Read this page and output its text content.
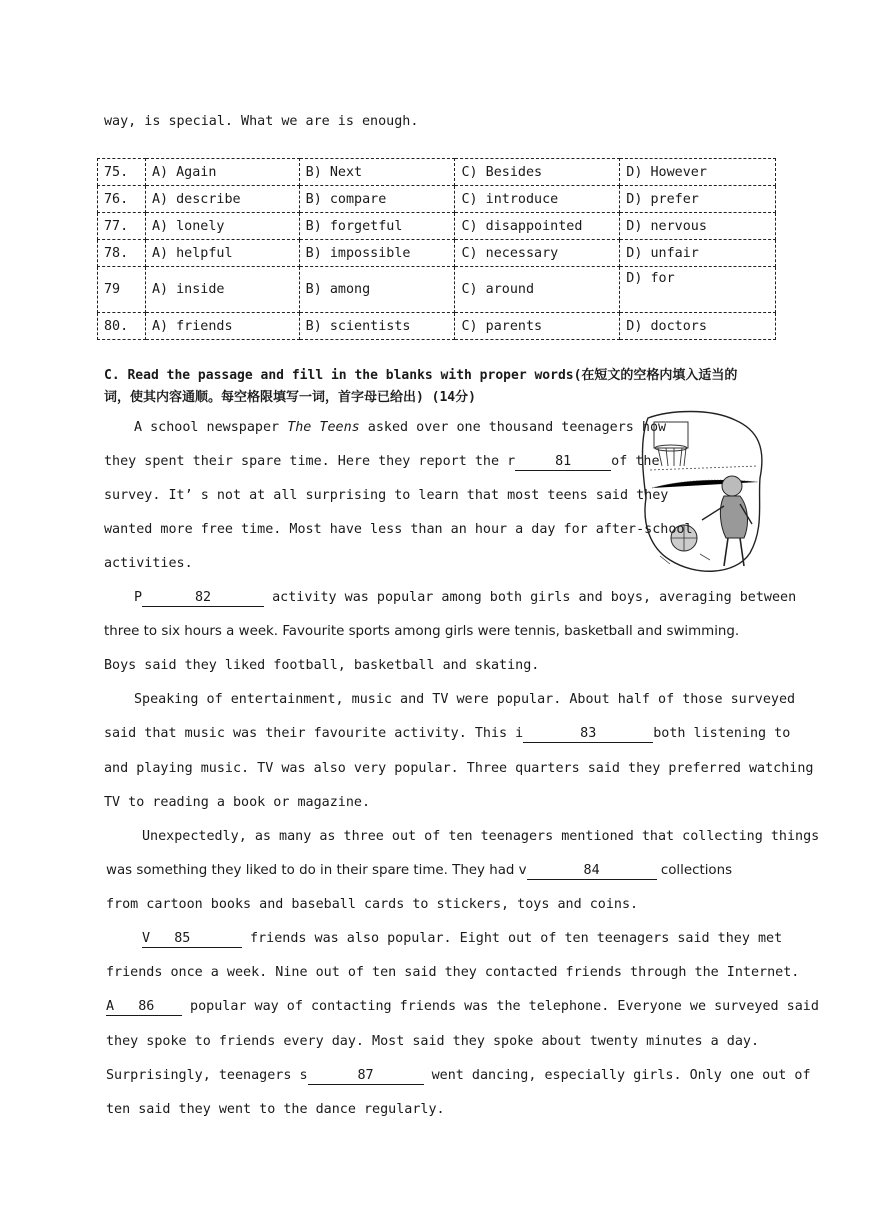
way, is special. What we are is enough.
75.	A) Again	B) Next	C) Besides	D) However
76.	A) describe	B) compare	C) introduce	D) prefer
77.	A) lonely	B) forgetful	C) disappointed	D) nervous
78.	A) helpful	B) impossible	C) necessary	D) unfair
79	A) inside	B) among	C) around	D) for
80.	A) friends	B) scientists	C) parents	D) doctors
C. Read the passage and fill in the blanks with proper words(在短文的空格内填入适当的
词，使其内容通顺。每空格限填写一词，首字母已给出) (14分)
A school newspaper The Teens asked over one thousand teenagers how
they spent their spare time. Here they report the r	81	of the
survey. It’ s not at all surprising to learn that most teens said they
wanted more free time. Most have less than an hour a day for after-school
activities.
P	82	activity was popular among both girls and boys, averaging between
three to six hours a week. Favourite sports among girls were tennis, basketball and swimming.
Boys said they liked football, basketball and skating.
Speaking of entertainment, music and TV were popular. About half of those surveyed
said that music was their favourite activity. This i	83	both listening to
and playing music. TV was also very popular. Three quarters said they preferred watching
TV to reading a book or magazine.
Unexpectedly, as many as three out of ten teenagers mentioned that collecting things
was something they liked to do in their spare time. They had v	84	collections
from cartoon books and baseball cards to stickers, toys and coins.
V 85	friends was also popular. Eight out of ten teenagers said they met
friends once a week. Nine out of ten said they contacted friends through the Internet.
A 86 popular way of contacting friends was the telephone. Everyone we surveyed said
they spoke to friends every day. Most said they spoke about twenty minutes a day.
Surprisingly, teenagers s	87	went dancing, especially girls. Only one out of
ten said they went to the dance regularly.
